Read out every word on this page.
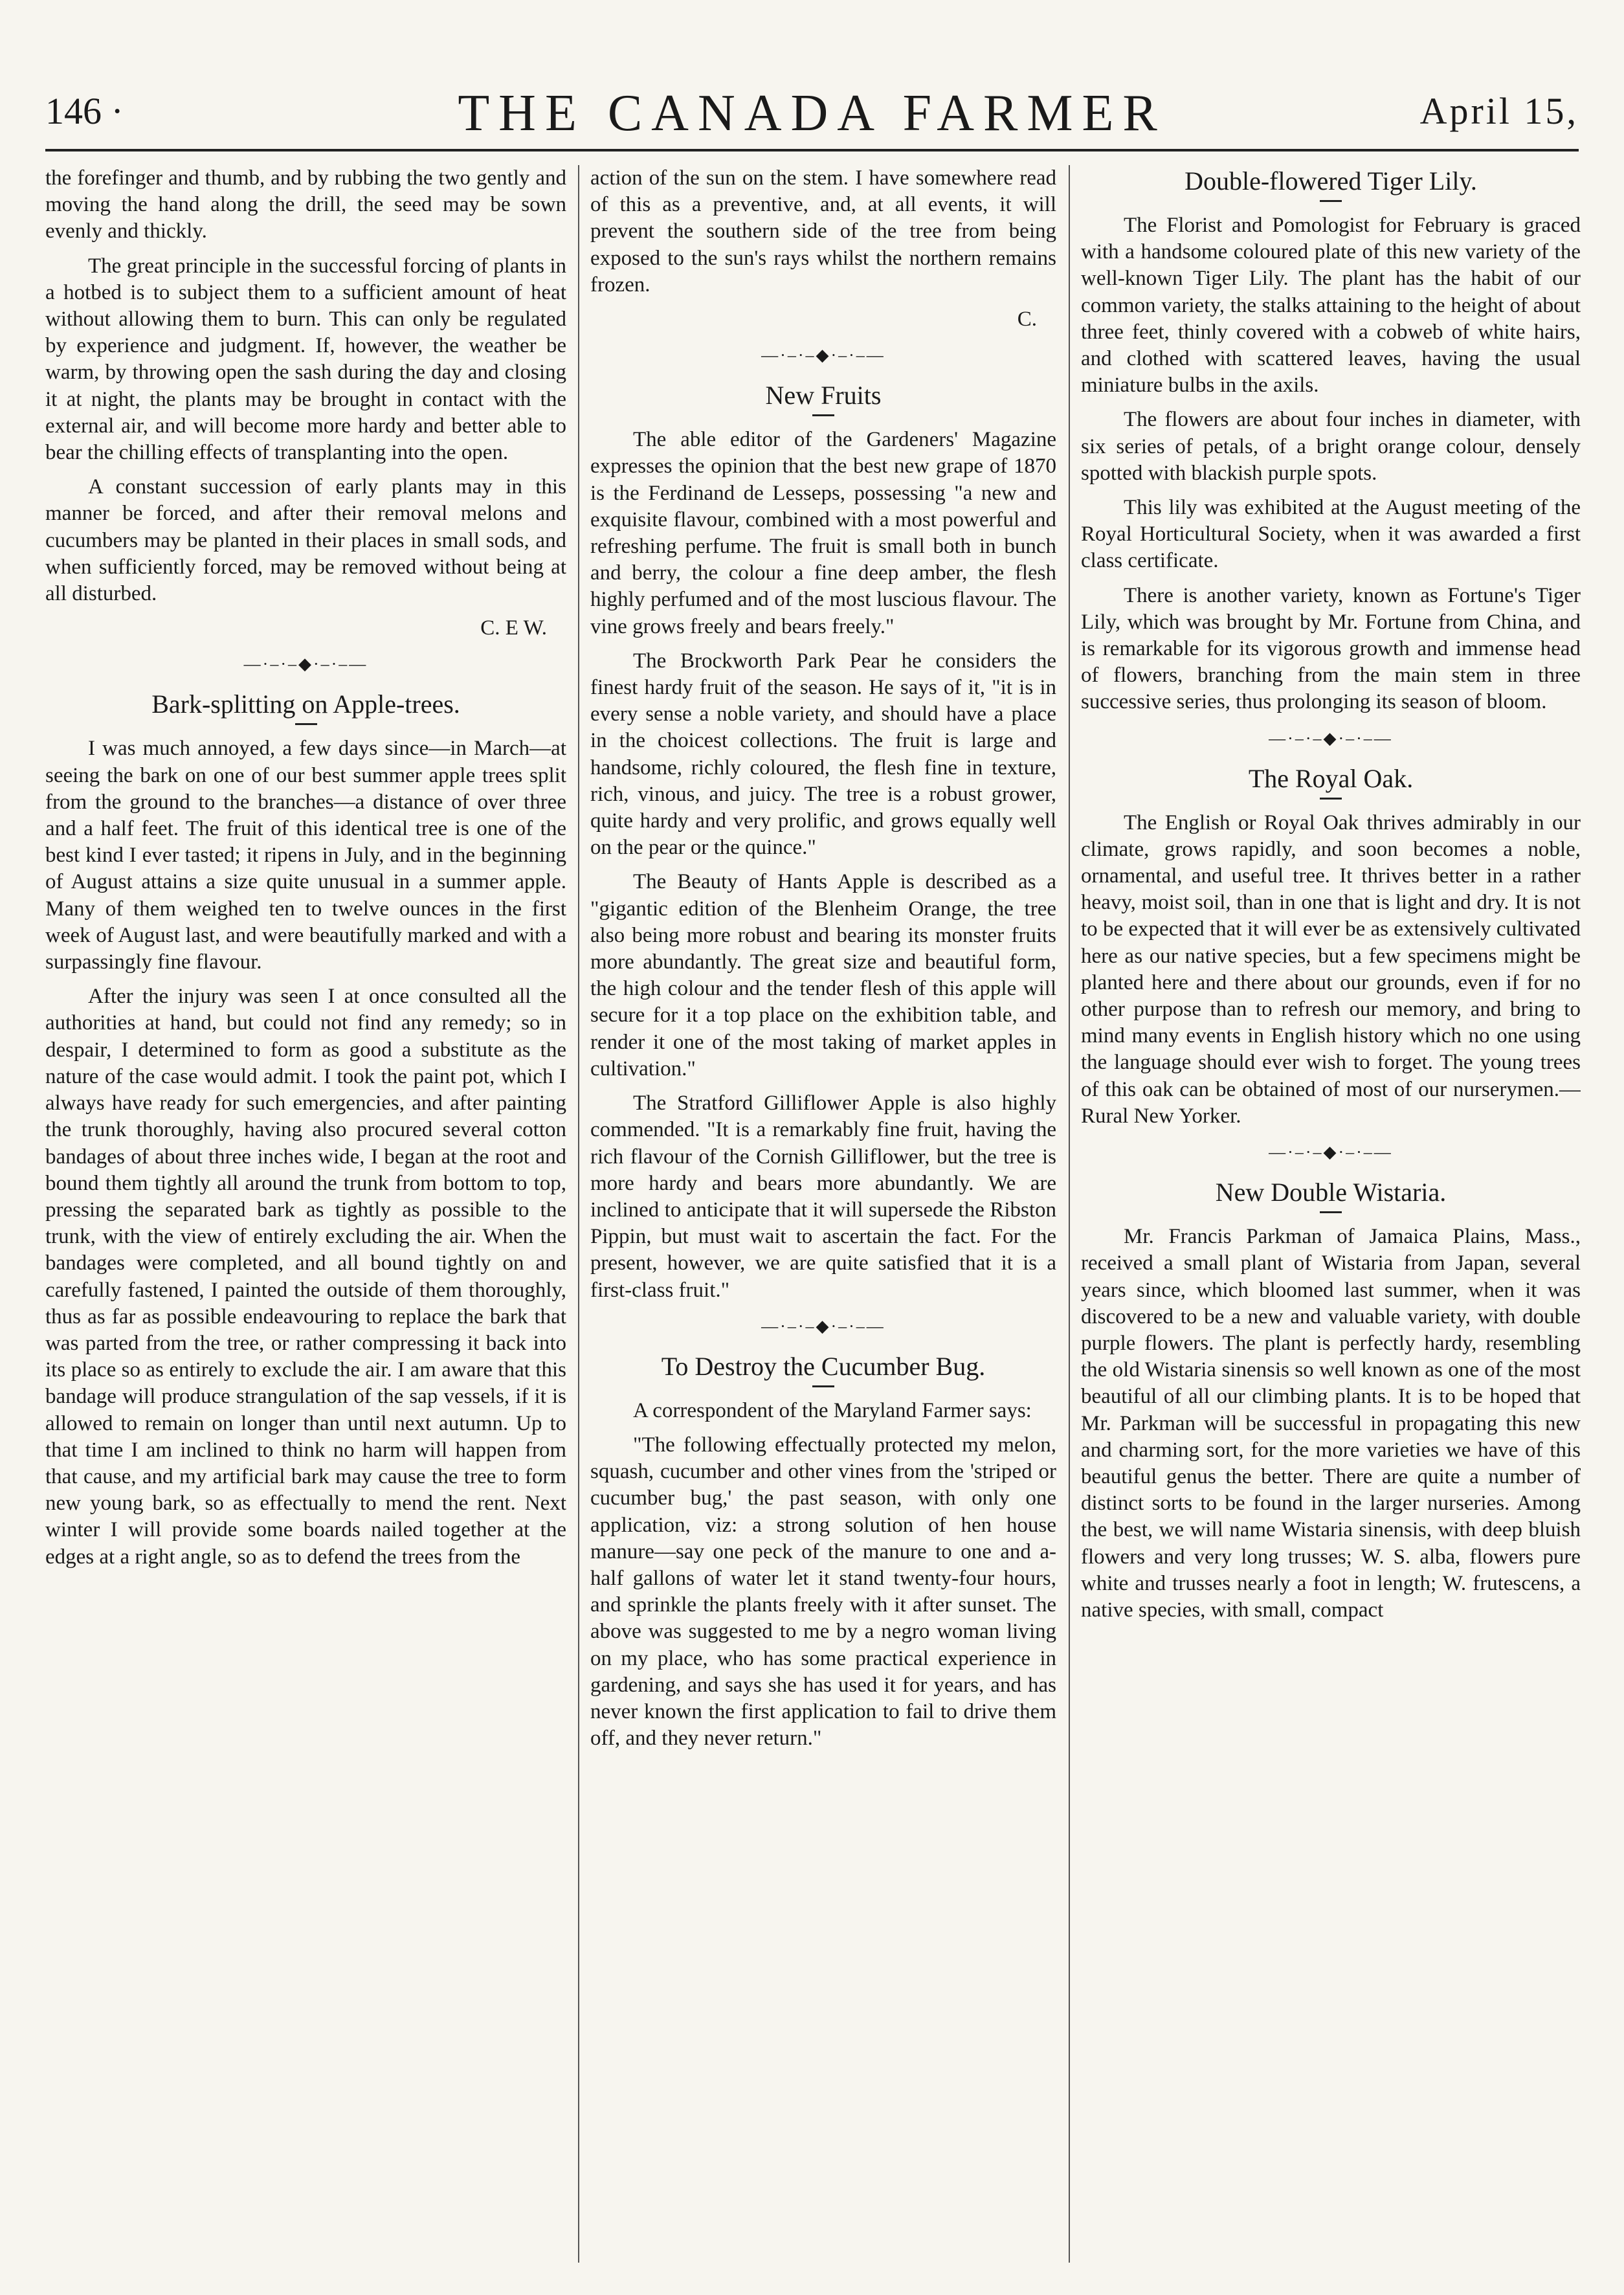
146 ·	THE CANADA FARMER	April 15,

the forefinger and thumb, and by rubbing the two gently and moving the hand along the drill, the seed may be sown evenly and thickly.

The great principle in the successful forcing of plants in a hotbed is to subject them to a sufficient amount of heat without allowing them to burn. This can only be regulated by experience and judgment. If, however, the weather be warm, by throwing open the sash during the day and closing it at night, the plants may be brought in contact with the external air, and will become more hardy and better able to bear the chilling effects of transplanting into the open.

A constant succession of early plants may in this manner be forced, and after their removal melons and cucumbers may be planted in their places in small sods, and when sufficiently forced, may be removed without being at all disturbed.

C. E W.

—·–·–◆·–·–—
Bark-splitting on Apple-trees.

I was much annoyed, a few days since—in March—at seeing the bark on one of our best summer apple trees split from the ground to the branches—a distance of over three and a half feet. The fruit of this identical tree is one of the best kind I ever tasted; it ripens in July, and in the beginning of August attains a size quite unusual in a summer apple. Many of them weighed ten to twelve ounces in the first week of August last, and were beautifully marked and with a surpassingly fine flavour.

After the injury was seen I at once consulted all the authorities at hand, but could not find any remedy; so in despair, I determined to form as good a substitute as the nature of the case would admit. I took the paint pot, which I always have ready for such emergencies, and after painting the trunk thoroughly, having also procured several cotton bandages of about three inches wide, I began at the root and bound them tightly all around the trunk from bottom to top, pressing the separated bark as tightly as possible to the trunk, with the view of entirely excluding the air. When the bandages were completed, and all bound tightly on and carefully fastened, I painted the outside of them thoroughly, thus as far as possible endeavouring to replace the bark that was parted from the tree, or rather compressing it back into its place so as entirely to exclude the air. I am aware that this bandage will produce strangulation of the sap vessels, if it is allowed to remain on longer than until next autumn. Up to that time I am inclined to think no harm will happen from that cause, and my artificial bark may cause the tree to form new young bark, so as effectually to mend the rent. Next winter I will provide some boards nailed together at the edges at a right angle, so as to defend the trees from the

action of the sun on the stem. I have somewhere read of this as a preventive, and, at all events, it will prevent the southern side of the tree from being exposed to the sun's rays whilst the northern remains frozen.

C.

—·–·–◆·–·–—
New Fruits

The able editor of the Gardeners' Magazine expresses the opinion that the best new grape of 1870 is the Ferdinand de Lesseps, possessing "a new and exquisite flavour, combined with a most powerful and refreshing perfume. The fruit is small both in bunch and berry, the colour a fine deep amber, the flesh highly perfumed and of the most luscious flavour. The vine grows freely and bears freely."

The Brockworth Park Pear he considers the finest hardy fruit of the season. He says of it, "it is in every sense a noble variety, and should have a place in the choicest collections. The fruit is large and handsome, richly coloured, the flesh fine in texture, rich, vinous, and juicy. The tree is a robust grower, quite hardy and very prolific, and grows equally well on the pear or the quince."

The Beauty of Hants Apple is described as a "gigantic edition of the Blenheim Orange, the tree also being more robust and bearing its monster fruits more abundantly. The great size and beautiful form, the high colour and the tender flesh of this apple will secure for it a top place on the exhibition table, and render it one of the most taking of market apples in cultivation."

The Stratford Gilliflower Apple is also highly commended. "It is a remarkably fine fruit, having the rich flavour of the Cornish Gilliflower, but the tree is more hardy and bears more abundantly. We are inclined to anticipate that it will supersede the Ribston Pippin, but must wait to ascertain the fact. For the present, however, we are quite satisfied that it is a first-class fruit."

—·–·–◆·–·–—
To Destroy the Cucumber Bug.

A correspondent of the Maryland Farmer says:

"The following effectually protected my melon, squash, cucumber and other vines from the 'striped or cucumber bug,' the past season, with only one application, viz: a strong solution of hen house manure—say one peck of the manure to one and a-half gallons of water let it stand twenty-four hours, and sprinkle the plants freely with it after sunset. The above was suggested to me by a negro woman living on my place, who has some practical experience in gardening, and says she has used it for years, and has never known the first application to fail to drive them off, and they never return."

Double-flowered Tiger Lily.

The Florist and Pomologist for February is graced with a handsome coloured plate of this new variety of the well-known Tiger Lily. The plant has the habit of our common variety, the stalks attaining to the height of about three feet, thinly covered with a cobweb of white hairs, and clothed with scattered leaves, having the usual miniature bulbs in the axils.

The flowers are about four inches in diameter, with six series of petals, of a bright orange colour, densely spotted with blackish purple spots.

This lily was exhibited at the August meeting of the Royal Horticultural Society, when it was awarded a first class certificate.

There is another variety, known as Fortune's Tiger Lily, which was brought by Mr. Fortune from China, and is remarkable for its vigorous growth and immense head of flowers, branching from the main stem in three successive series, thus prolonging its season of bloom.

—·–·–◆·–·–—
The Royal Oak.

The English or Royal Oak thrives admirably in our climate, grows rapidly, and soon becomes a noble, ornamental, and useful tree. It thrives better in a rather heavy, moist soil, than in one that is light and dry. It is not to be expected that it will ever be as extensively cultivated here as our native species, but a few specimens might be planted here and there about our grounds, even if for no other purpose than to refresh our memory, and bring to mind many events in English history which no one using the language should ever wish to forget. The young trees of this oak can be obtained of most of our nurserymen.—Rural New Yorker.

—·–·–◆·–·–—
New Double Wistaria.

Mr. Francis Parkman of Jamaica Plains, Mass., received a small plant of Wistaria from Japan, several years since, which bloomed last summer, when it was discovered to be a new and valuable variety, with double purple flowers. The plant is perfectly hardy, resembling the old Wistaria sinensis so well known as one of the most beautiful of all our climbing plants. It is to be hoped that Mr. Parkman will be successful in propagating this new and charming sort, for the more varieties we have of this beautiful genus the better. There are quite a number of distinct sorts to be found in the larger nurseries. Among the best, we will name Wistaria sinensis, with deep bluish flowers and very long trusses; W. S. alba, flowers pure white and trusses nearly a foot in length; W. frutescens, a native species, with small, compact
